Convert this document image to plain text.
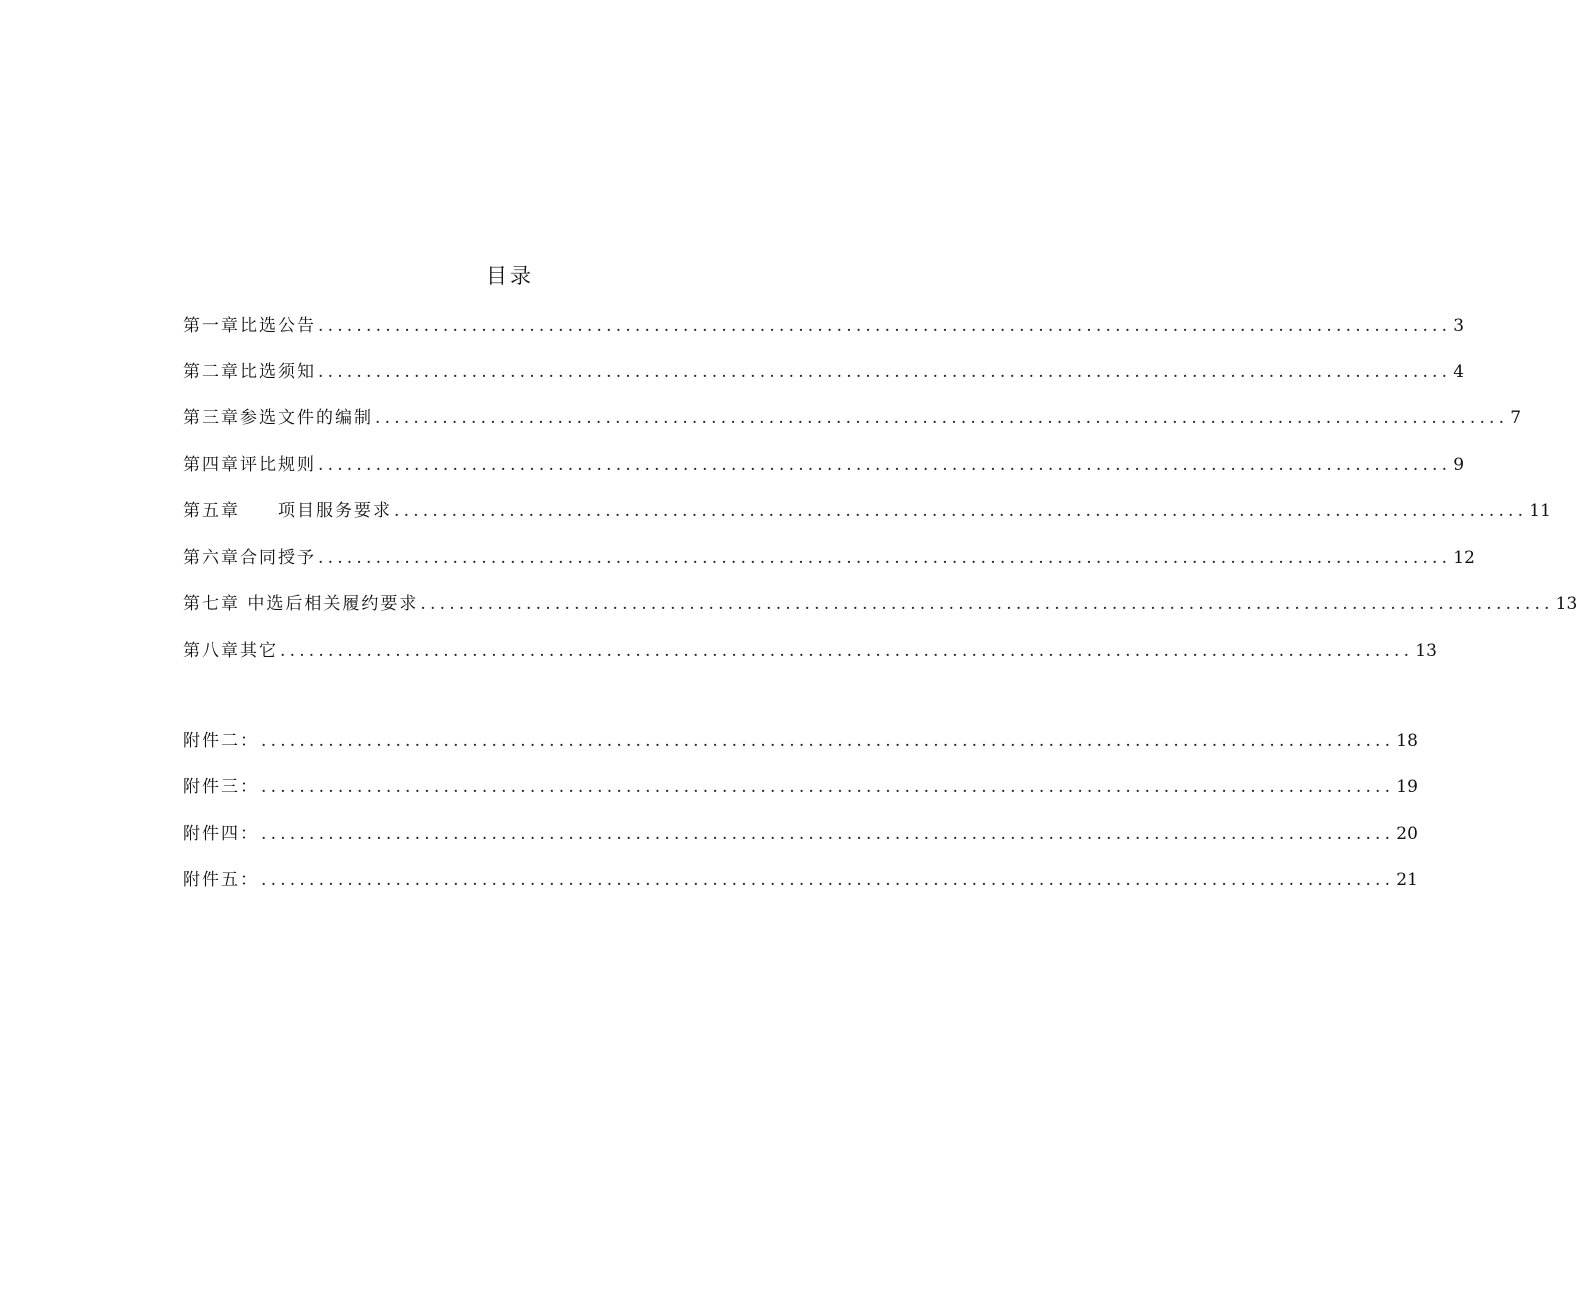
目录
第一章比选公告 ...................................................................................................................... 3
第二章比选须知 ...................................................................................................................... 4
第三章参选文件的编制 ...................................................................................................................... 7
第四章评比规则 ...................................................................................................................... 9
第五章　　项目服务要求 ...................................................................................................................... 11
第六章合同授予 ...................................................................................................................... 12
第七章 中选后相关履约要求 ...................................................................................................................... 13
第八章其它 ...................................................................................................................... 13
附件二： ...................................................................................................................... 18
附件三： ...................................................................................................................... 19
附件四： ...................................................................................................................... 20
附件五： ...................................................................................................................... 21
